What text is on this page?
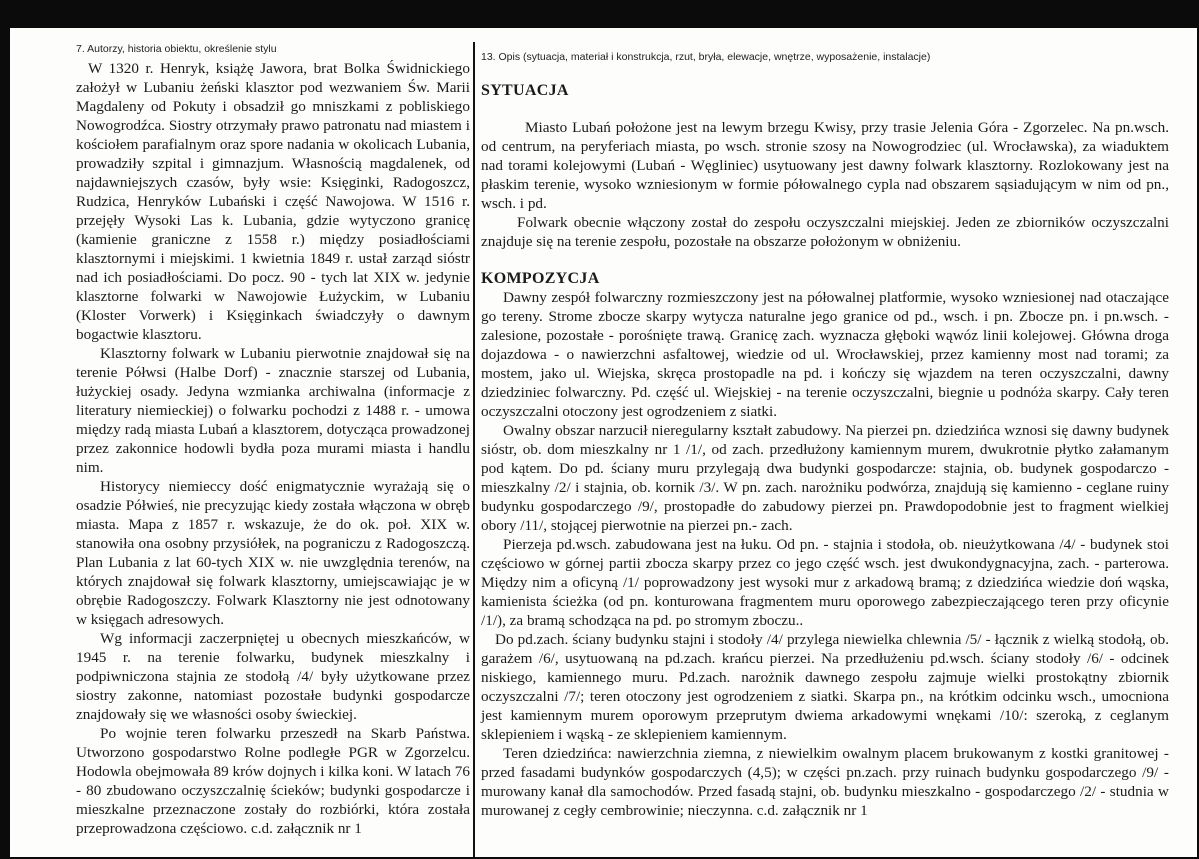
7. Autorzy, historia obiektu, określenie stylu

W 1320 r. Henryk, książę Jawora, brat Bolka Świdnickiego założył w Lubaniu żeński klasztor pod wezwaniem Św. Marii Magdaleny od Pokuty i obsadził go mniszkami z pobliskiego Nowogrodźca. Siostry otrzymały prawo patronatu nad miastem i kościołem parafialnym oraz spore nadania w okolicach Lubania, prowadziły szpital i gimnazjum. Własnością magdalenek, od najdawniejszych czasów, były wsie: Księginki, Radogoszcz, Rudzica, Henryków Lubański i część Nawojowa. W 1516 r. przejęły Wysoki Las k. Lubania, gdzie wytyczono granicę (kamienie graniczne z 1558 r.) między posiadłościami klasztornymi i miejskimi. 1 kwietnia 1849 r. ustał zarząd sióstr nad ich posiadłościami. Do pocz. 90 - tych lat XIX w. jedynie klasztorne folwarki w Nawojowie Łużyckim, w Lubaniu (Kloster Vorwerk) i Księginkach świadczyły o dawnym bogactwie klasztoru.

Klasztorny folwark w Lubaniu pierwotnie znajdował się na terenie Półwsi (Halbe Dorf) - znacznie starszej od Lubania, łużyckiej osady. Jedyna wzmianka archiwalna (informacje z literatury niemieckiej) o folwarku pochodzi z 1488 r. - umowa między radą miasta Lubań a klasztorem, dotycząca prowadzonej przez zakonnice hodowli bydła poza murami miasta i handlu nim.

Historycy niemieccy dość enigmatycznie wyrażają się o osadzie Półwieś, nie precyzując kiedy została włączona w obręb miasta. Mapa z 1857 r. wskazuje, że do ok. poł. XIX w. stanowiła ona osobny przysiółek, na pograniczu z Radogoszczą. Plan Lubania z lat 60-tych XIX w. nie uwzględnia terenów, na których znajdował się folwark klasztorny, umiejscawiając je w obrębie Radogoszczy. Folwark Klasztorny nie jest odnotowany w księgach adresowych.

Wg informacji zaczerpniętej u obecnych mieszkańców, w 1945 r. na terenie folwarku, budynek mieszkalny i podpiwniczona stajnia ze stodołą /4/ były użytkowane przez siostry zakonne, natomiast pozostałe budynki gospodarcze znajdowały się we własności osoby świeckiej.

Po wojnie teren folwarku przeszedł na Skarb Państwa. Utworzono gospodarstwo Rolne podległe PGR w Zgorzelcu. Hodowla obejmowała 89 krów dojnych i kilka koni. W latach 76 - 80 zbudowano oczyszczalnię ścieków; budynki gospodarcze i mieszkalne przeznaczone zostały do rozbiórki, która została przeprowadzona częściowo. c.d. załącznik nr 1

13. Opis (sytuacja, materiał i konstrukcja, rzut, bryła, elewacje, wnętrze, wyposażenie, instalacje)

SYTUACJA

Miasto Lubań położone jest na lewym brzegu Kwisy, przy trasie Jelenia Góra - Zgorzelec. Na pn.wsch. od centrum, na peryferiach miasta, po wsch. stronie szosy na Nowogrodziec (ul. Wrocławska), za wiaduktem nad torami kolejowymi (Lubań - Węgliniec) usytuowany jest dawny folwark klasztorny. Rozlokowany jest na płaskim terenie, wysoko wzniesionym w formie półowalnego cypla nad obszarem sąsiadującym w nim od pn., wsch. i pd.

Folwark obecnie włączony został do zespołu oczyszczalni miejskiej. Jeden ze zbiorników oczyszczalni znajduje się na terenie zespołu, pozostałe na obszarze położonym w obniżeniu.

KOMPOZYCJA

Dawny zespół folwarczny rozmieszczony jest na półowalnej platformie, wysoko wzniesionej nad otaczające go tereny. Strome zbocze skarpy wytycza naturalne jego granice od pd., wsch. i pn. Zbocze pn. i pn.wsch. - zalesione, pozostałe - porośnięte trawą. Granicę zach. wyznacza głęboki wąwóz linii kolejowej. Główna droga dojazdowa - o nawierzchni asfaltowej, wiedzie od ul. Wrocławskiej, przez kamienny most nad torami; za mostem, jako ul. Wiejska, skręca prostopadle na pd. i kończy się wjazdem na teren oczyszczalni, dawny dziedziniec folwarczny. Pd. część ul. Wiejskiej - na terenie oczyszczalni, biegnie u podnóża skarpy. Cały teren oczyszczalni otoczony jest ogrodzeniem z siatki.

Owalny obszar narzucił nieregularny kształt zabudowy. Na pierzei pn. dziedzińca wznosi się dawny budynek sióstr, ob. dom mieszkalny nr 1 /1/, od zach. przedłużony kamiennym murem, dwukrotnie płytko załamanym pod kątem. Do pd. ściany muru przylegają dwa budynki gospodarcze: stajnia, ob. budynek gospodarczo - mieszkalny /2/ i stajnia, ob. kornik /3/. W pn. zach. narożniku podwórza, znajdują się kamienno - ceglane ruiny budynku gospodarczego /9/, prostopadłe do zabudowy pierzei pn. Prawdopodobnie jest to fragment wielkiej obory /11/, stojącej pierwotnie na pierzei pn.- zach.

Pierzeja pd.wsch. zabudowana jest na łuku. Od pn. - stajnia i stodoła, ob. nieużytkowana /4/ - budynek stoi częściowo w górnej partii zbocza skarpy przez co jego część wsch. jest dwukondygnacyjna, zach. - parterowa. Między nim a oficyną /1/ poprowadzony jest wysoki mur z arkadową bramą; z dziedzińca wiedzie doń wąska, kamienista ścieżka (od pn. konturowana fragmentem muru oporowego zabezpieczającego teren przy oficynie /1/), za bramą schodząca na pd. po stromym zboczu..

Do pd.zach. ściany budynku stajni i stodoły /4/ przylega niewielka chlewnia /5/ - łącznik z wielką stodołą, ob. garażem /6/, usytuowaną na pd.zach. krańcu pierzei. Na przedłużeniu pd.wsch. ściany stodoły /6/ - odcinek niskiego, kamiennego muru. Pd.zach. narożnik dawnego zespołu zajmuje wielki prostokątny zbiornik oczyszczalni /7/; teren otoczony jest ogrodzeniem z siatki. Skarpa pn., na krótkim odcinku wsch., umocniona jest kamiennym murem oporowym przeprutym dwiema arkadowymi wnękami /10/: szeroką, z ceglanym sklepieniem i wąską - ze sklepieniem kamiennym.

Teren dziedzińca: nawierzchnia ziemna, z niewielkim owalnym placem brukowanym z kostki granitowej - przed fasadami budynków gospodarczych (4,5); w części pn.zach. przy ruinach budynku gospodarczego /9/ - murowany kanał dla samochodów. Przed fasadą stajni, ob. budynku mieszkalno - gospodarczego /2/ - studnia w murowanej z cegły cembrowinie; nieczynna. c.d. załącznik nr 1
